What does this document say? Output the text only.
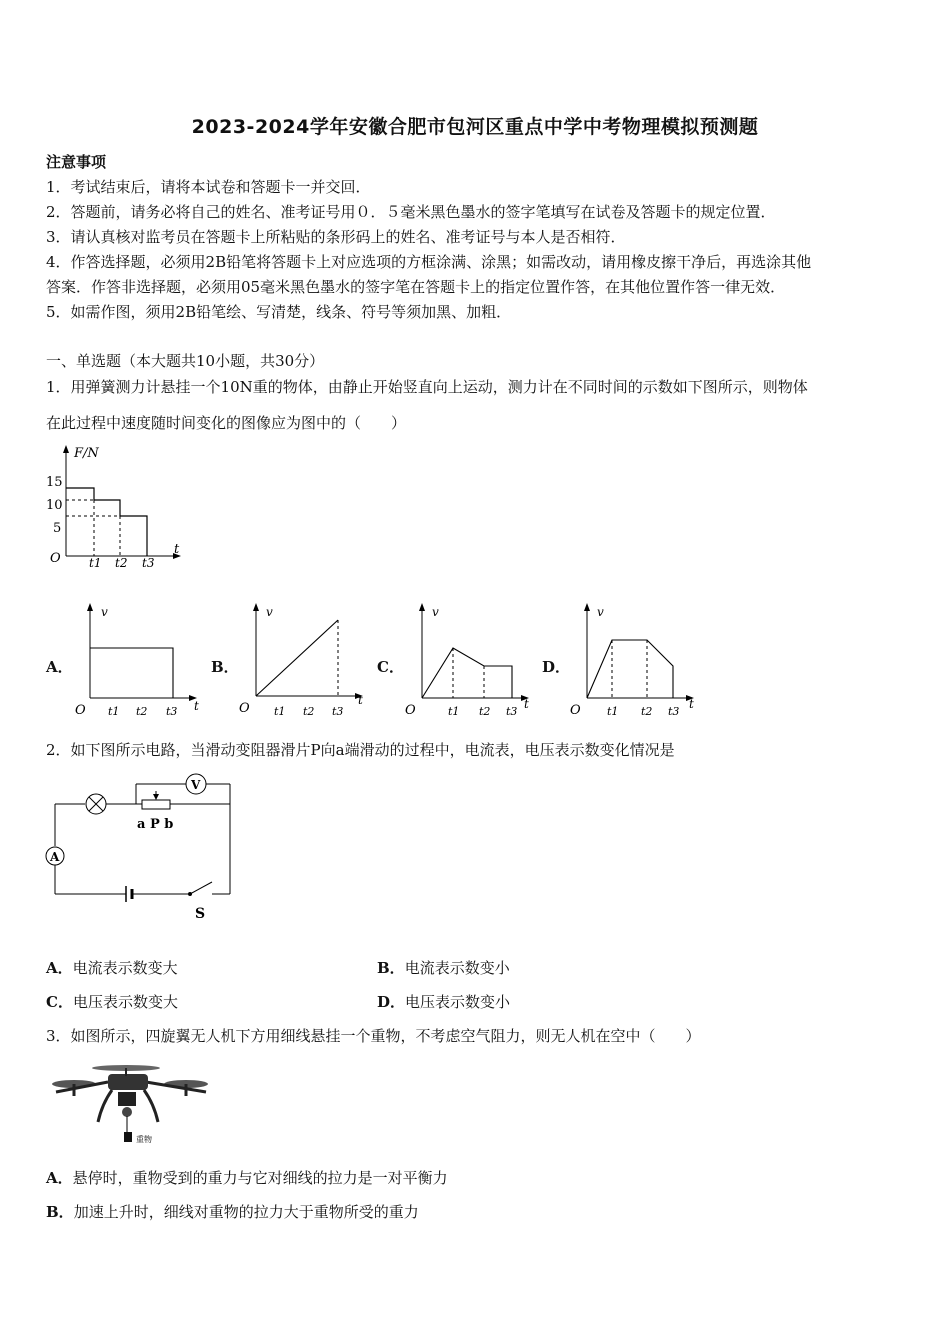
2023-2024学年安徽合肥市包河区重点中学中考物理模拟预测题
注意事项
1．考试结束后，请将本试卷和答题卡一并交回．
2．答题前，请务必将自己的姓名、准考证号用０．５毫米黑色墨水的签字笔填写在试卷及答题卡的规定位置．
3．请认真核对监考员在答题卡上所粘贴的条形码上的姓名、准考证号与本人是否相符．
4．作答选择题，必须用2B铅笔将答题卡上对应选项的方框涂满、涂黑；如需改动，请用橡皮擦干净后，再选涂其他
答案．作答非选择题，必须用05毫米黑色墨水的签字笔在答题卡上的指定位置作答，在其他位置作答一律无效．
5．如需作图，须用2B铅笔绘、写清楚，线条、符号等须加黑、加粗．
一、单选题（本大题共10小题，共30分）
1．用弹簧测力计悬挂一个10N重的物体，由静止开始竖直向上运动，测力计在不同时间的示数如下图所示，则物体
在此过程中速度随时间变化的图像应为图中的（　　）
F/N
15
10
5
O
t
t1 t2 t3
A．
v
t
O t1 t2 t3
B．
v
t
O t1 t2 t3
C．
v
t
O	t1 t2 t3
D．
v
t
O t1 t2 t3
2．如下图所示电路，当滑动变阻器滑片P向a端滑动的过程中，电流表，电压表示数变化情况是
V
a P b
A
S
A．电流表示数变大	B．电流表示数变小
C．电压表示数变大	D．电压表示数变小
3．如图所示，四旋翼无人机下方用细线悬挂一个重物，不考虑空气阻力，则无人机在空中（　　）
重物
A．悬停时，重物受到的重力与它对细线的拉力是一对平衡力
B．加速上升时，细线对重物的拉力大于重物所受的重力
